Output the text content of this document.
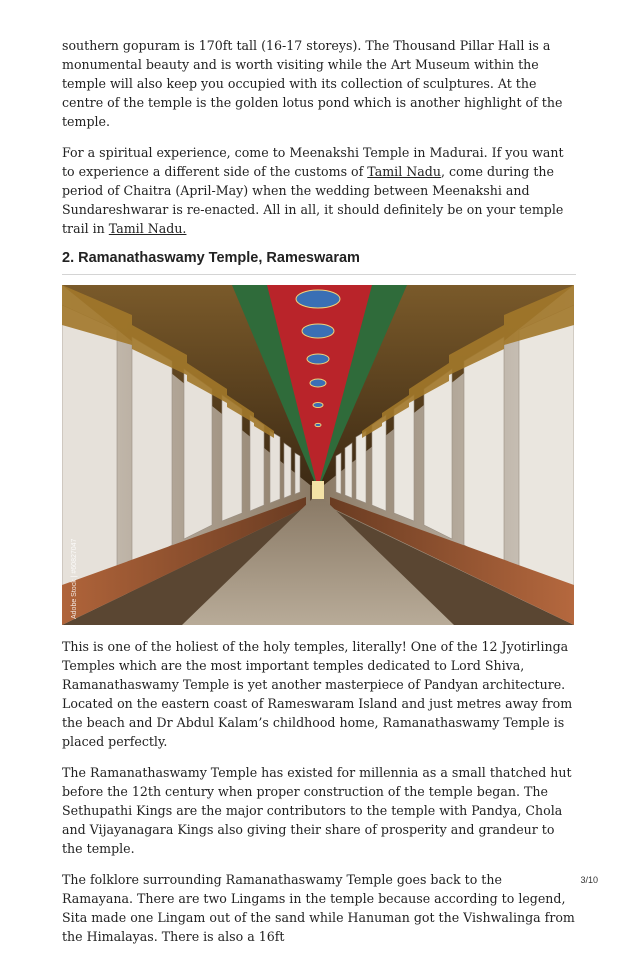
southern gopuram is 170ft tall (16-17 storeys). The Thousand Pillar Hall is a monumental beauty and is worth visiting while the Art Museum within the temple will also keep you occupied with its collection of sculptures. At the centre of the temple is the golden lotus pond which is another highlight of the temple.

For a spiritual experience, come to Meenakshi Temple in Madurai. If you want to experience a different side of the customs of Tamil Nadu, come during the period of Chaitra (April-May) when the wedding between Meenakshi and Sundareshwarar is re-enacted. All in all, it should definitely be on your temple trail in Tamil Nadu.

2. Ramanathaswamy Temple, Rameswaram
Adobe Stock | #60827047

This is one of the holiest of the holy temples, literally! One of the 12 Jyotirlinga Temples which are the most important temples dedicated to Lord Shiva, Ramanathaswamy Temple is yet another masterpiece of Pandyan architecture. Located on the eastern coast of Rameswaram Island and just metres away from the beach and Dr Abdul Kalam’s childhood home, Ramanathaswamy Temple is placed perfectly.

The Ramanathaswamy Temple has existed for millennia as a small thatched hut before the 12th century when proper construction of the temple began. The Sethupathi Kings are the major contributors to the temple with Pandya, Chola and Vijayanagara Kings also giving their share of prosperity and grandeur to the temple.

The folklore surrounding Ramanathaswamy Temple goes back to the Ramayana. There are two Lingams in the temple because according to legend, Sita made one Lingam out of the sand while Hanuman got the Vishwalinga from the Himalayas. There is also a 16ft

3/10
